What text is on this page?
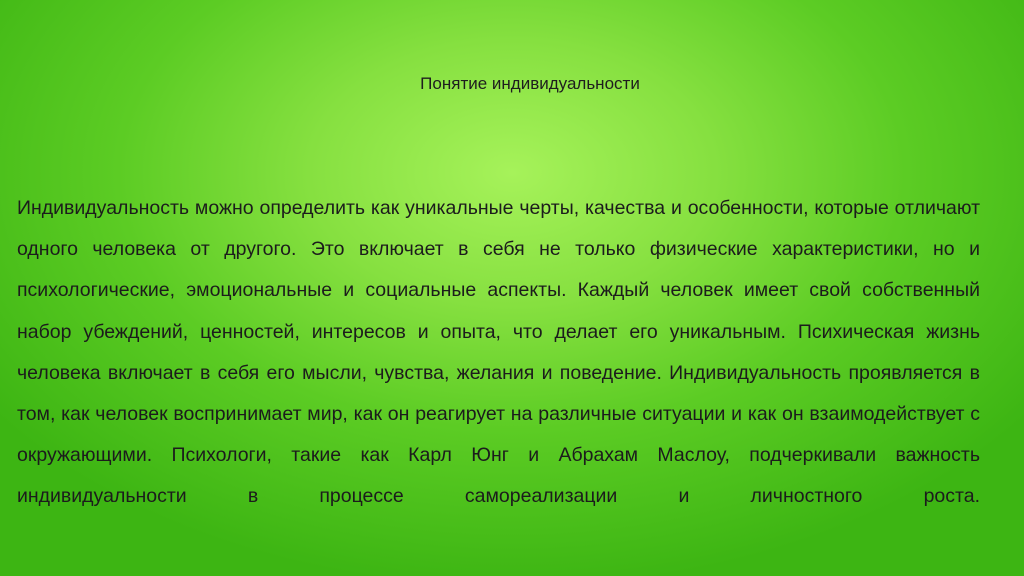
Понятие индивидуальности

Индивидуальность можно определить как уникальные черты, качества и особенности, которые отличают одного человека от другого. Это включает в себя не только физические характеристики, но и психологические, эмоциональные и социальные аспекты. Каждый человек имеет свой собственный набор убеждений, ценностей, интересов и опыта, что делает его уникальным. Психическая жизнь человека включает в себя его мысли, чувства, желания и поведение. Индивидуальность проявляется в том, как человек воспринимает мир, как он реагирует на различные ситуации и как он взаимодействует с окружающими. Психологи, такие как Карл Юнг и Абрахам Маслоу, подчеркивали важность индивидуальности в процессе самореализации и личностного роста.
